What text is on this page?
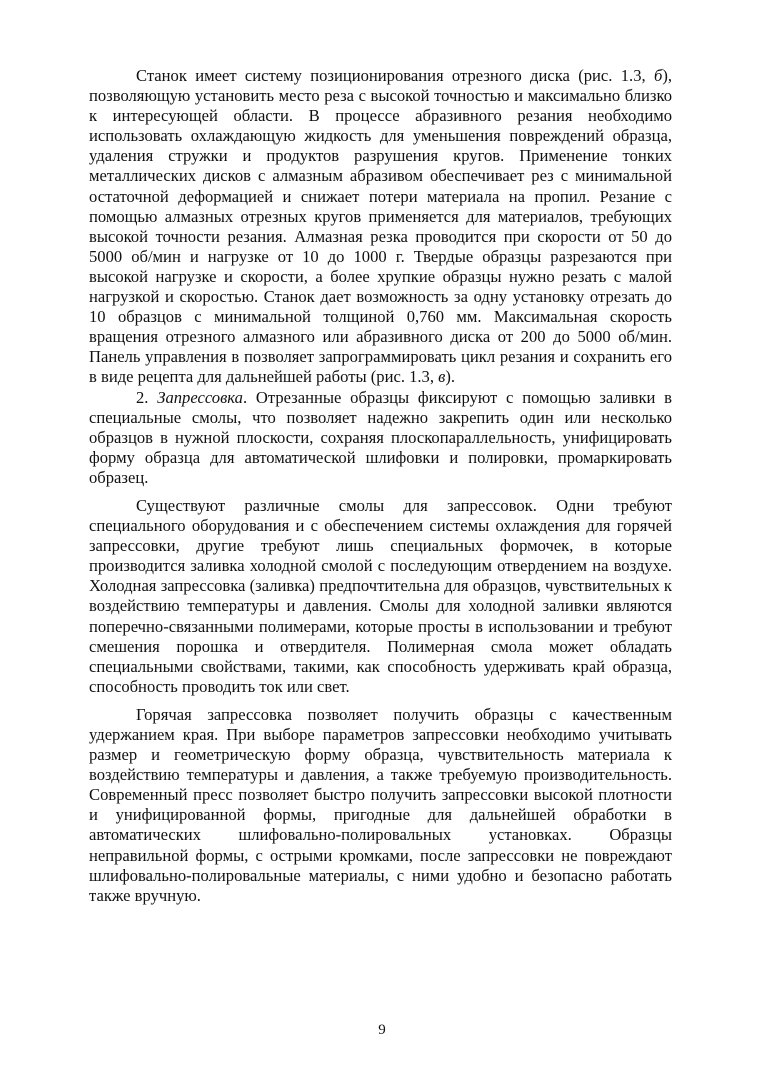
Станок имеет систему позиционирования отрезного диска (рис. 1.3, б), позволяющую установить место реза с высокой точностью и максимально близко к интересующей области. В процессе абразивного резания необходимо использовать охлаждающую жидкость для уменьшения повреждений образца, удаления стружки и продуктов разрушения кругов. Применение тонких металлических дисков с алмазным абразивом обеспечивает рез с минимальной остаточной деформацией и снижает потери материала на пропил. Резание с помощью алмазных отрезных кругов применяется для материалов, требующих высокой точности резания. Алмазная резка проводится при скорости от 50 до 5000 об/мин и нагрузке от 10 до 1000 г. Твердые образцы разрезаются при высокой нагрузке и скорости, а более хрупкие образцы нужно резать с малой нагрузкой и скоростью. Станок дает возможность за одну установку отрезать до 10 образцов с минимальной толщиной 0,760 мм. Максимальная скорость вращения отрезного алмазного или абразивного диска от 200 до 5000 об/мин. Панель управления в позволяет запрограммировать цикл резания и сохранить его в виде рецепта для дальнейшей работы (рис. 1.3, в).

2. Запрессовка. Отрезанные образцы фиксируют с помощью заливки в специальные смолы, что позволяет надежно закрепить один или несколько образцов в нужной плоскости, сохраняя плоскопараллельность, унифицировать форму образца для автоматической шлифовки и полировки, промаркировать образец.

Существуют различные смолы для запрессовок. Одни требуют специального оборудования и с обеспечением системы охлаждения для горячей запрессовки, другие требуют лишь специальных формочек, в которые производится заливка холодной смолой с последующим отвердением на воздухе. Холодная запрессовка (заливка) предпочтительна для образцов, чувствительных к воздействию температуры и давления. Смолы для холодной заливки являются поперечно-связанными полимерами, которые просты в использовании и требуют смешения порошка и отвердителя. Полимерная смола может обладать специальными свойствами, такими, как способность удерживать край образца, способность проводить ток или свет.

Горячая запрессовка позволяет получить образцы с качественным удержанием края. При выборе параметров запрессовки необходимо учитывать размер и геометрическую форму образца, чувствительность материала к воздействию температуры и давления, а также требуемую производительность. Современный пресс позволяет быстро получить запрессовки высокой плотности и унифицированной формы, пригодные для дальнейшей обработки в автоматических шлифовально-полировальных установках. Образцы неправильной формы, с острыми кромками, после запрессовки не повреждают шлифовально-полировальные материалы, с ними удобно и безопасно работать также вручную.

9
